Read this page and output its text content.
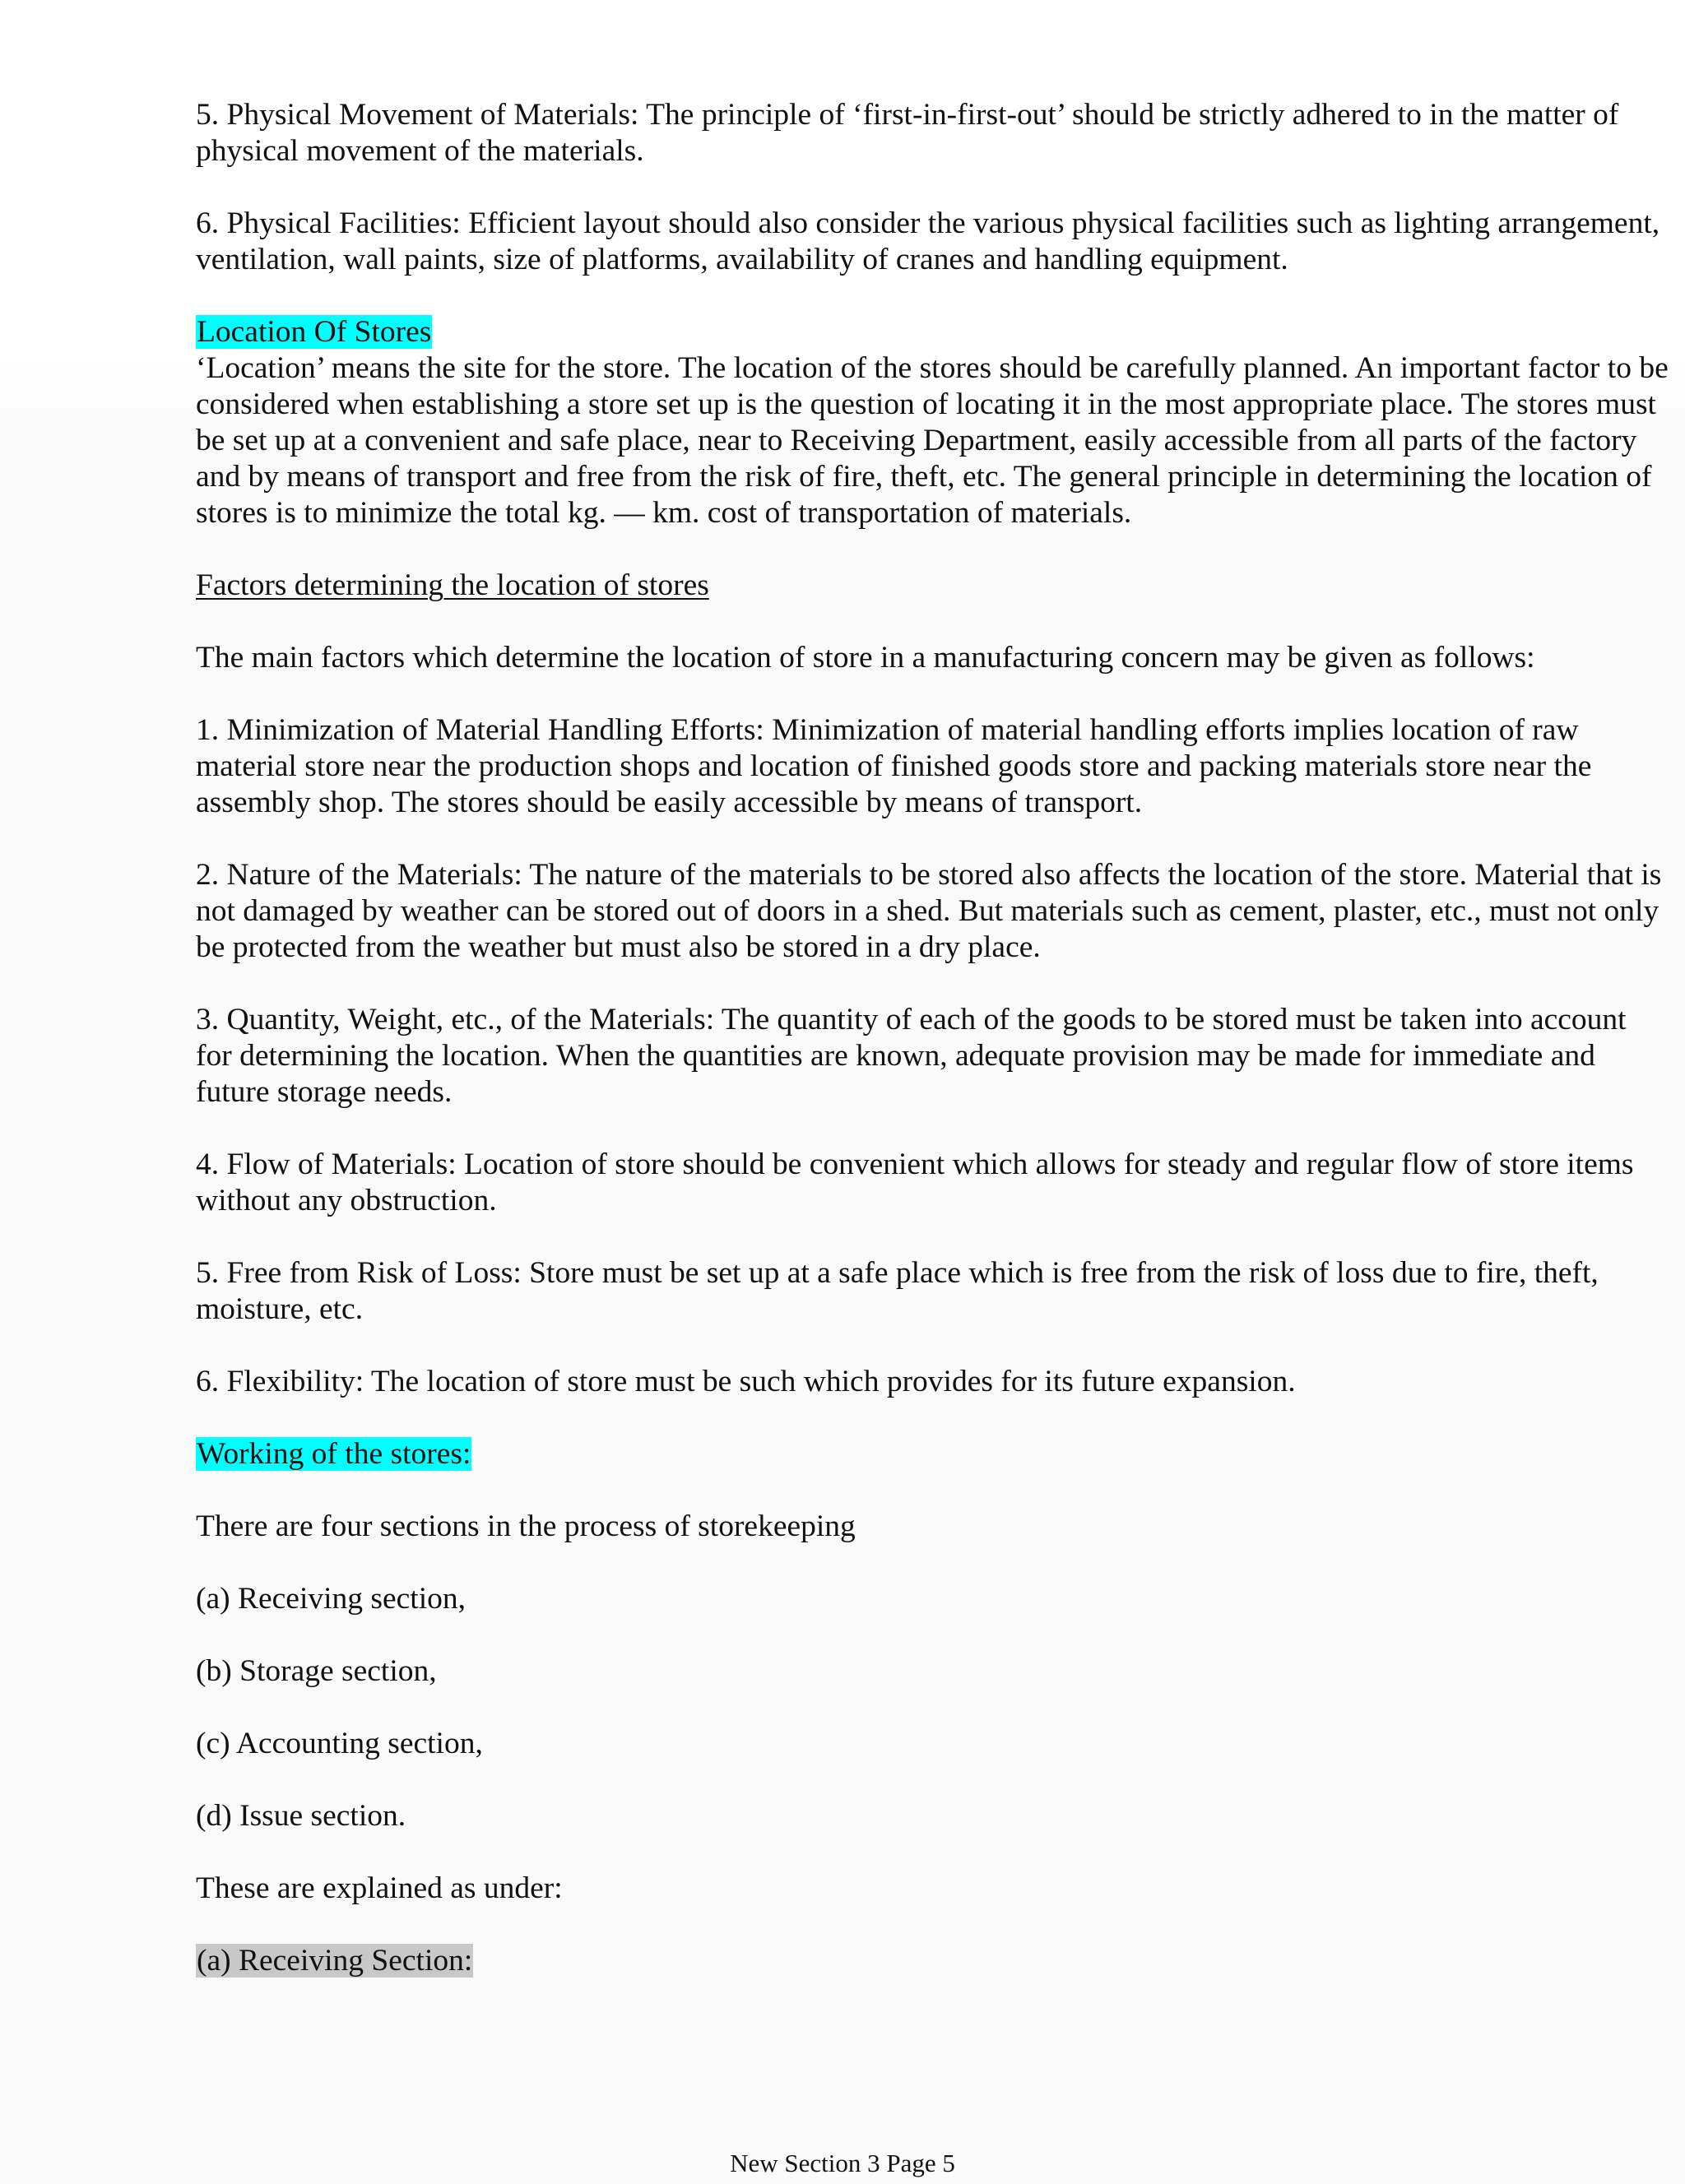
5. Physical Movement of Materials: The principle of ‘first-in-first-out’ should be strictly adhered to in the matter of physical movement of the materials.

6. Physical Facilities: Efficient layout should also consider the various physical facilities such as lighting arrangement, ventilation, wall paints, size of platforms, availability of cranes and handling equipment.

Location Of Stores

‘Location’ means the site for the store. The location of the stores should be carefully planned. An important factor to be considered when establishing a store set up is the question of locating it in the most appropriate place. The stores must be set up at a convenient and safe place, near to Receiving Department, easily accessible from all parts of the factory and by means of transport and free from the risk of fire, theft, etc. The general principle in determining the location of stores is to minimize the total kg. — km. cost of transportation of materials.

Factors determining the location of stores

The main factors which determine the location of store in a manufacturing concern may be given as follows:

1. Minimization of Material Handling Efforts: Minimization of material handling efforts implies location of raw material store near the production shops and location of finished goods store and packing materials store near the assembly shop. The stores should be easily accessible by means of transport.

2. Nature of the Materials: The nature of the materials to be stored also affects the location of the store. Material that is not damaged by weather can be stored out of doors in a shed. But materials such as cement, plaster, etc., must not only be protected from the weather but must also be stored in a dry place.

3. Quantity, Weight, etc., of the Materials: The quantity of each of the goods to be stored must be taken into account for determining the location. When the quantities are known, adequate provision may be made for immediate and future storage needs.

4. Flow of Materials: Location of store should be convenient which allows for steady and regular flow of store items without any obstruction.

5. Free from Risk of Loss: Store must be set up at a safe place which is free from the risk of loss due to fire, theft, moisture, etc.

6. Flexibility: The location of store must be such which provides for its future expansion.

Working of the stores:

There are four sections in the process of storekeeping

(a) Receiving section,

(b) Storage section,

(c) Accounting section,

(d) Issue section.

These are explained as under:

(a) Receiving Section:

New Section 3 Page 5
